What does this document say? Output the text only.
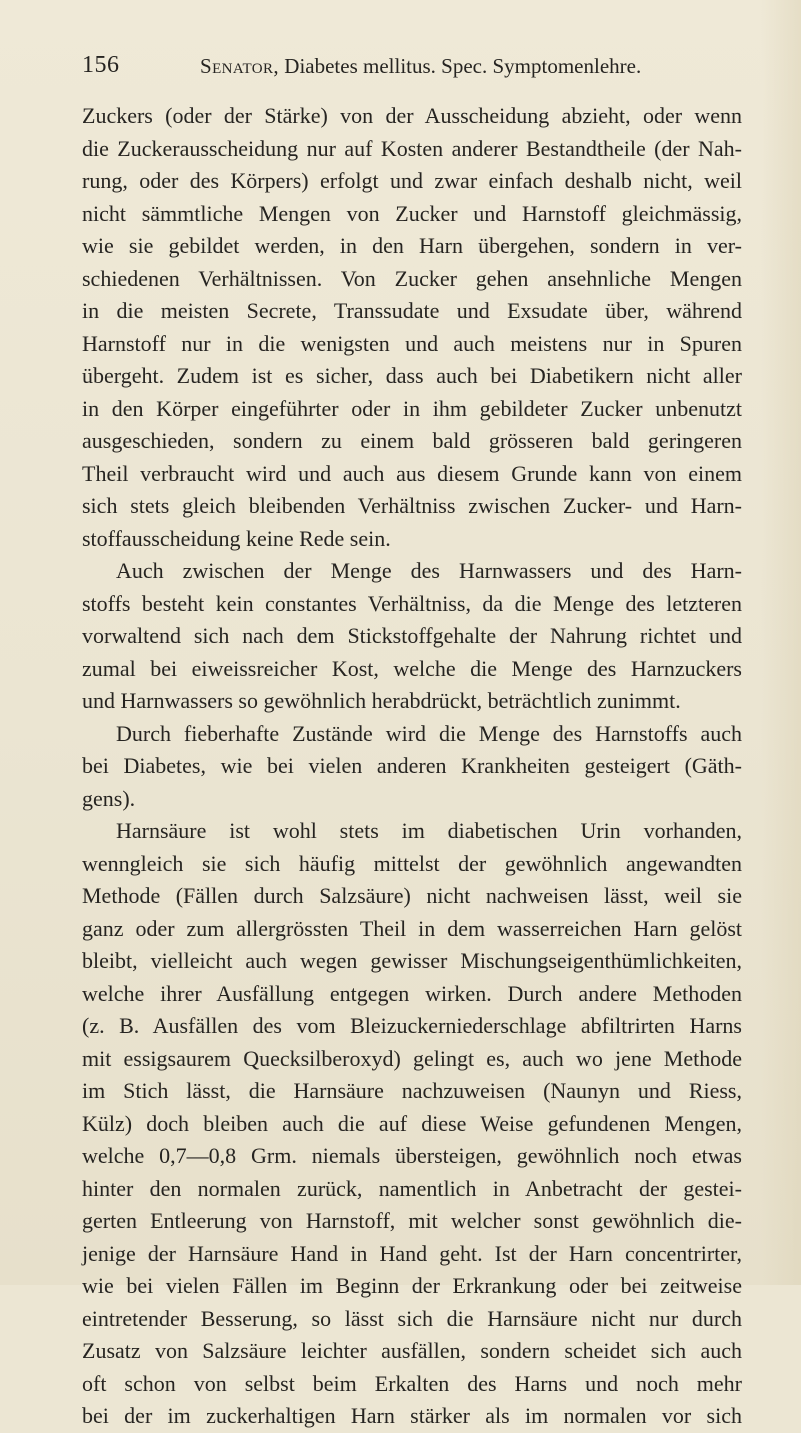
156	Senator, Diabetes mellitus. Spec. Symptomenlehre.
Zuckers (oder der Stärke) von der Ausscheidung abzieht, oder wenn
die Zuckerausscheidung nur auf Kosten anderer Bestandtheile (der Nah-
rung, oder des Körpers) erfolgt und zwar einfach deshalb nicht, weil
nicht sämmtliche Mengen von Zucker und Harnstoff gleichmässig,
wie sie gebildet werden, in den Harn übergehen, sondern in ver-
schiedenen Verhältnissen. Von Zucker gehen ansehnliche Mengen
in die meisten Secrete, Transsudate und Exsudate über, während
Harnstoff nur in die wenigsten und auch meistens nur in Spuren
übergeht. Zudem ist es sicher, dass auch bei Diabetikern nicht aller
in den Körper eingeführter oder in ihm gebildeter Zucker unbenutzt
ausgeschieden, sondern zu einem bald grösseren bald geringeren
Theil verbraucht wird und auch aus diesem Grunde kann von einem
sich stets gleich bleibenden Verhältniss zwischen Zucker- und Harn-
stoffausscheidung keine Rede sein.
Auch zwischen der Menge des Harnwassers und des Harn-
stoffs besteht kein constantes Verhältniss, da die Menge des letzteren
vorwaltend sich nach dem Stickstoffgehalte der Nahrung richtet und
zumal bei eiweissreicher Kost, welche die Menge des Harnzuckers
und Harnwassers so gewöhnlich herabdrückt, beträchtlich zunimmt.
Durch fieberhafte Zustände wird die Menge des Harnstoffs auch
bei Diabetes, wie bei vielen anderen Krankheiten gesteigert (Gäth-
gens).
Harnsäure ist wohl stets im diabetischen Urin vorhanden,
wenngleich sie sich häufig mittelst der gewöhnlich angewandten
Methode (Fällen durch Salzsäure) nicht nachweisen lässt, weil sie
ganz oder zum allergrössten Theil in dem wasserreichen Harn gelöst
bleibt, vielleicht auch wegen gewisser Mischungseigenthümlichkeiten,
welche ihrer Ausfällung entgegen wirken. Durch andere Methoden
(z. B. Ausfällen des vom Bleizuckerniederschlage abfiltrirten Harns
mit essigsaurem Quecksilberoxyd) gelingt es, auch wo jene Methode
im Stich lässt, die Harnsäure nachzuweisen (Naunyn und Riess,
Külz) doch bleiben auch die auf diese Weise gefundenen Mengen,
welche 0,7—0,8 Grm. niemals übersteigen, gewöhnlich noch etwas
hinter den normalen zurück, namentlich in Anbetracht der gestei-
gerten Entleerung von Harnstoff, mit welcher sonst gewöhnlich die-
jenige der Harnsäure Hand in Hand geht. Ist der Harn concentrirter,
wie bei vielen Fällen im Beginn der Erkrankung oder bei zeitweise
eintretender Besserung, so lässt sich die Harnsäure nicht nur durch
Zusatz von Salzsäure leichter ausfällen, sondern scheidet sich auch
oft schon von selbst beim Erkalten des Harns und noch mehr
bei der im zuckerhaltigen Harn stärker als im normalen vor sich
